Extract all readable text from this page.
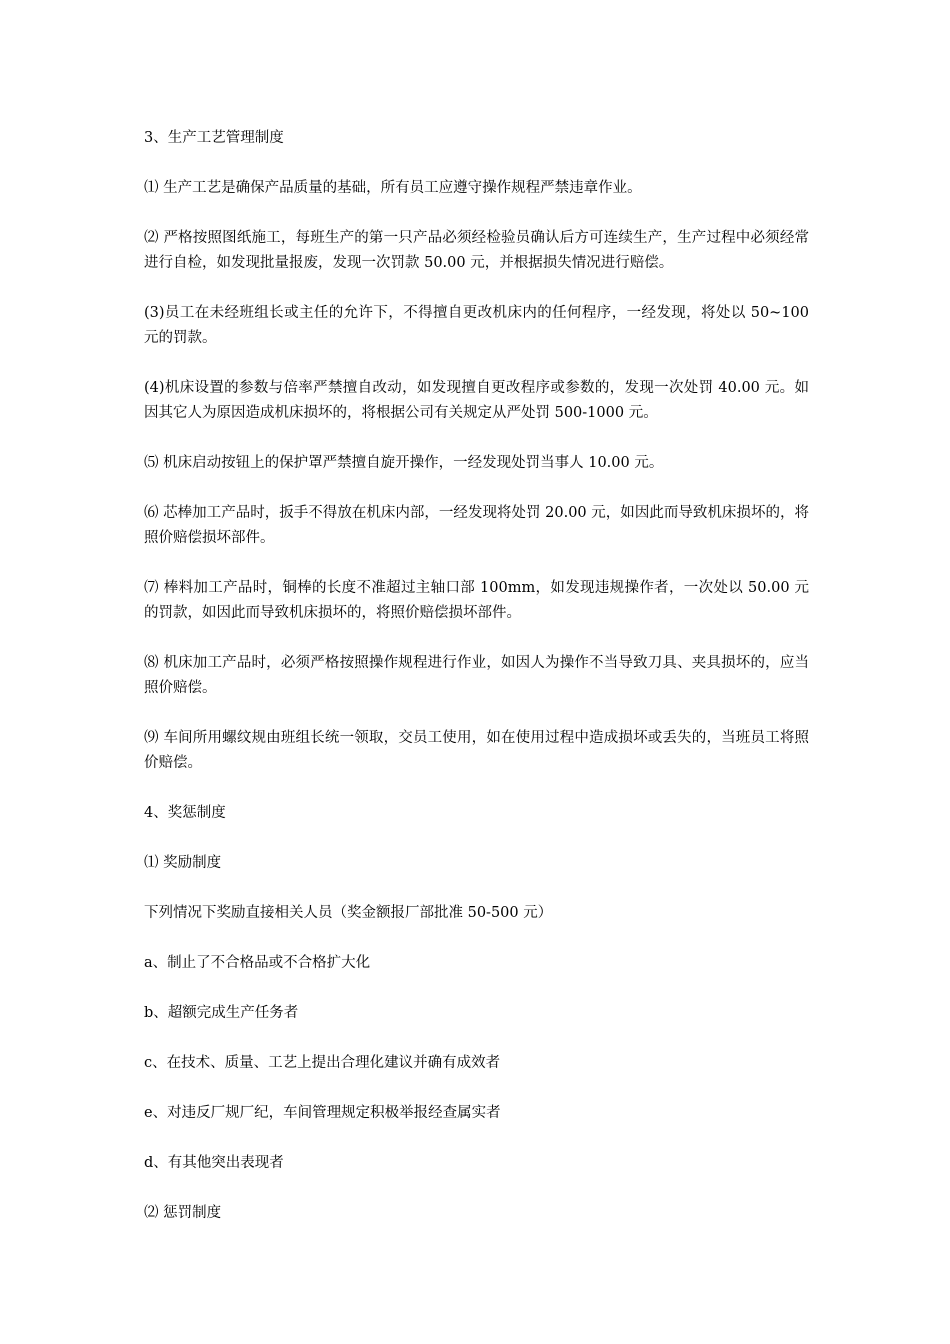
3、生产工艺管理制度

⑴ 生产工艺是确保产品质量的基础，所有员工应遵守操作规程严禁违章作业。

⑵ 严格按照图纸施工，每班生产的第一只产品必须经检验员确认后方可连续生产，生产过程中必须经常进行自检，如发现批量报废，发现一次罚款 50.00 元，并根据损失情况进行赔偿。

(3)员工在未经班组长或主任的允许下，不得擅自更改机床内的任何程序，一经发现，将处以 50~100 元的罚款。

(4)机床设置的参数与倍率严禁擅自改动，如发现擅自更改程序或参数的，发现一次处罚 40.00 元。如因其它人为原因造成机床损坏的，将根据公司有关规定从严处罚 500-1000 元。

⑸ 机床启动按钮上的保护罩严禁擅自旋开操作，一经发现处罚当事人 10.00 元。

⑹ 芯棒加工产品时，扳手不得放在机床内部，一经发现将处罚 20.00 元，如因此而导致机床损坏的，将照价赔偿损坏部件。

⑺ 棒料加工产品时，铜棒的长度不准超过主轴口部 100mm，如发现违规操作者，一次处以 50.00 元的罚款，如因此而导致机床损坏的，将照价赔偿损坏部件。

⑻ 机床加工产品时，必须严格按照操作规程进行作业，如因人为操作不当导致刀具、夹具损坏的，应当照价赔偿。

⑼ 车间所用螺纹规由班组长统一领取，交员工使用，如在使用过程中造成损坏或丢失的，当班员工将照价赔偿。

4、奖惩制度

⑴ 奖励制度

下列情况下奖励直接相关人员（奖金额报厂部批准 50-500 元）

a、制止了不合格品或不合格扩大化

b、超额完成生产任务者

c、在技术、质量、工艺上提出合理化建议并确有成效者

e、对违反厂规厂纪，车间管理规定积极举报经查属实者

d、有其他突出表现者

⑵ 惩罚制度
